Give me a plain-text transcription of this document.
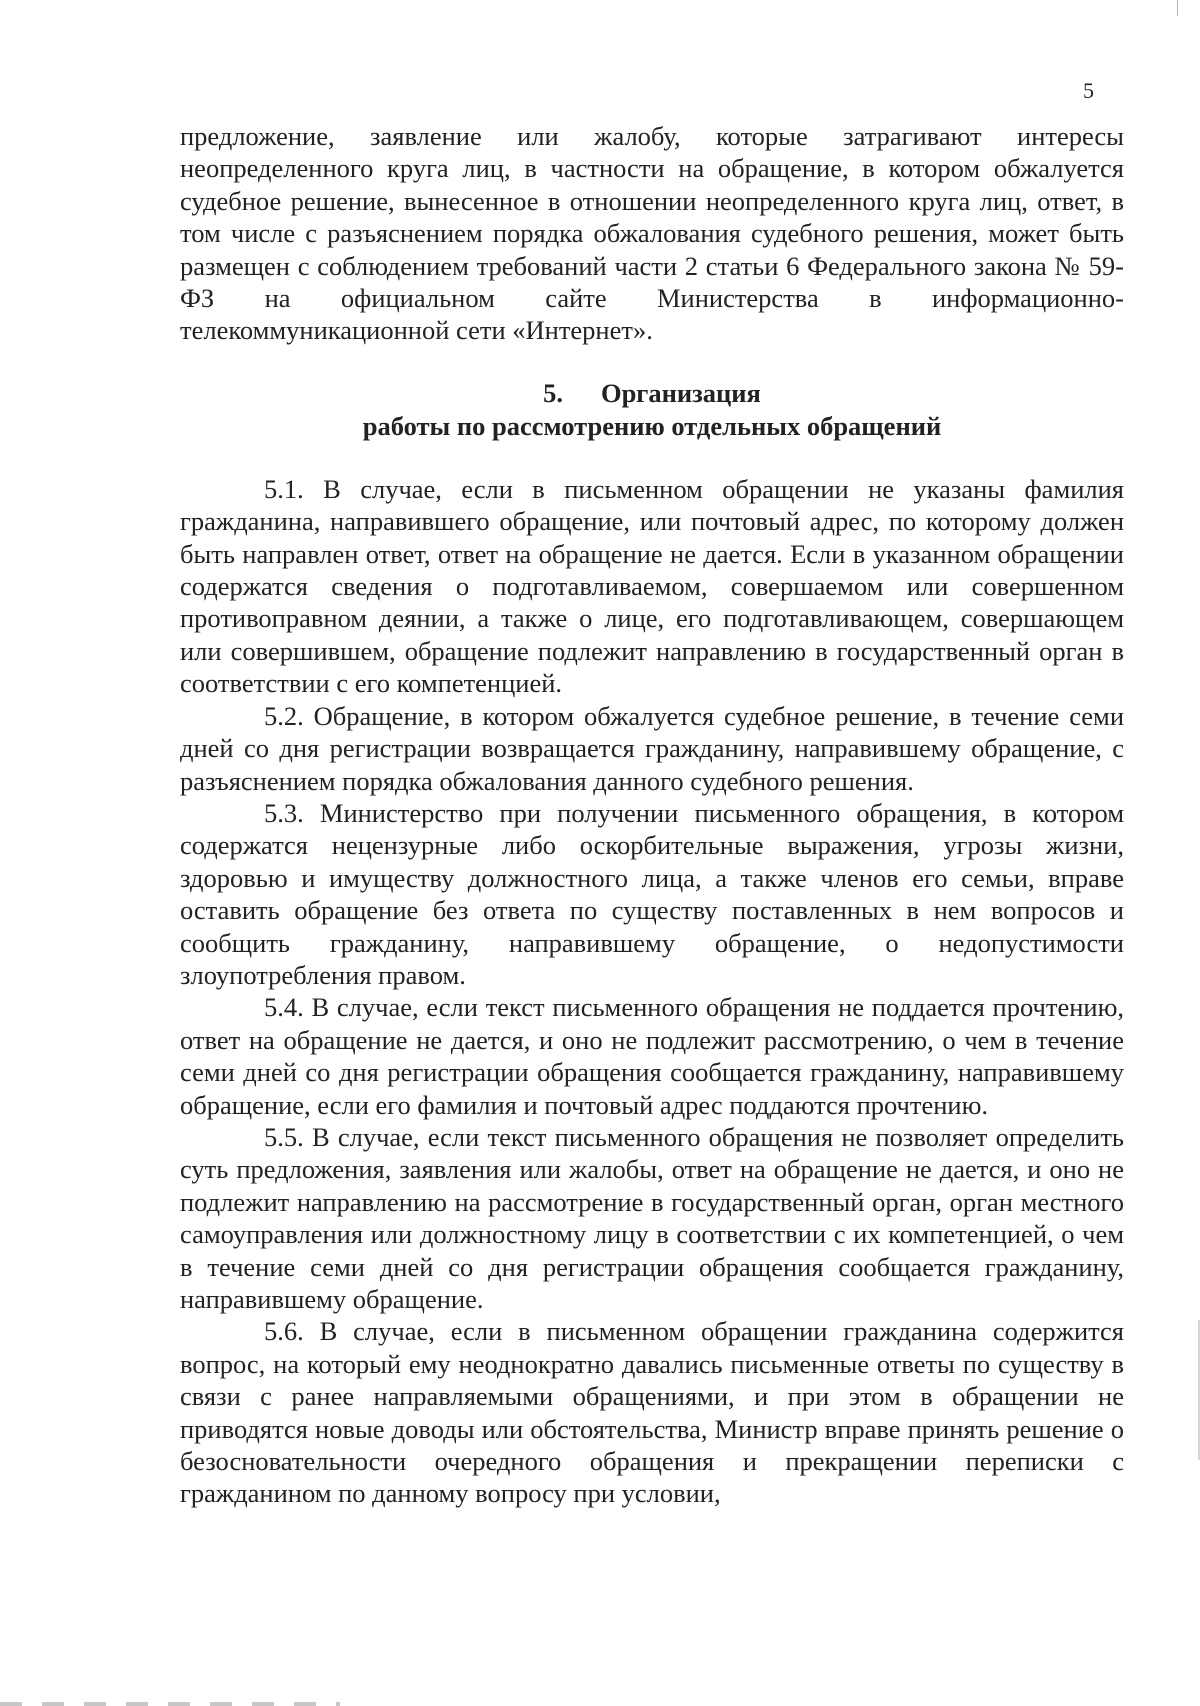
5

предложение, заявление или жалобу, которые затрагивают интересы неопределенного круга лиц, в частности на обращение, в котором обжалуется судебное решение, вынесенное в отношении неопределенного круга лиц, ответ, в том числе с разъяснением порядка обжалования судебного решения, может быть размещен с соблюдением требований части 2 статьи 6 Федерального закона № 59-ФЗ на официальном сайте Министерства в информационно-телекоммуникационной сети «Интернет».

5. Организация
работы по рассмотрению отдельных обращений

5.1. В случае, если в письменном обращении не указаны фамилия гражданина, направившего обращение, или почтовый адрес, по которому должен быть направлен ответ, ответ на обращение не дается. Если в указанном обращении содержатся сведения о подготавливаемом, совершаемом или совершенном противоправном деянии, а также о лице, его подготавливающем, совершающем или совершившем, обращение подлежит направлению в государственный орган в соответствии с его компетенцией.

5.2. Обращение, в котором обжалуется судебное решение, в течение семи дней со дня регистрации возвращается гражданину, направившему обращение, с разъяснением порядка обжалования данного судебного решения.

5.3. Министерство при получении письменного обращения, в котором содержатся нецензурные либо оскорбительные выражения, угрозы жизни, здоровью и имуществу должностного лица, а также членов его семьи, вправе оставить обращение без ответа по существу поставленных в нем вопросов и сообщить гражданину, направившему обращение, о недопустимости злоупотребления правом.

5.4. В случае, если текст письменного обращения не поддается прочтению, ответ на обращение не дается, и оно не подлежит рассмотрению, о чем в течение семи дней со дня регистрации обращения сообщается гражданину, направившему обращение, если его фамилия и почтовый адрес поддаются прочтению.

5.5. В случае, если текст письменного обращения не позволяет определить суть предложения, заявления или жалобы, ответ на обращение не дается, и оно не подлежит направлению на рассмотрение в государственный орган, орган местного самоуправления или должностному лицу в соответствии с их компетенцией, о чем в течение семи дней со дня регистрации обращения сообщается гражданину, направившему обращение.

5.6. В случае, если в письменном обращении гражданина содержится вопрос, на который ему неоднократно давались письменные ответы по существу в связи с ранее направляемыми обращениями, и при этом в обращении не приводятся новые доводы или обстоятельства, Министр вправе принять решение о безосновательности очередного обращения и прекращении переписки с гражданином по данному вопросу при условии,
